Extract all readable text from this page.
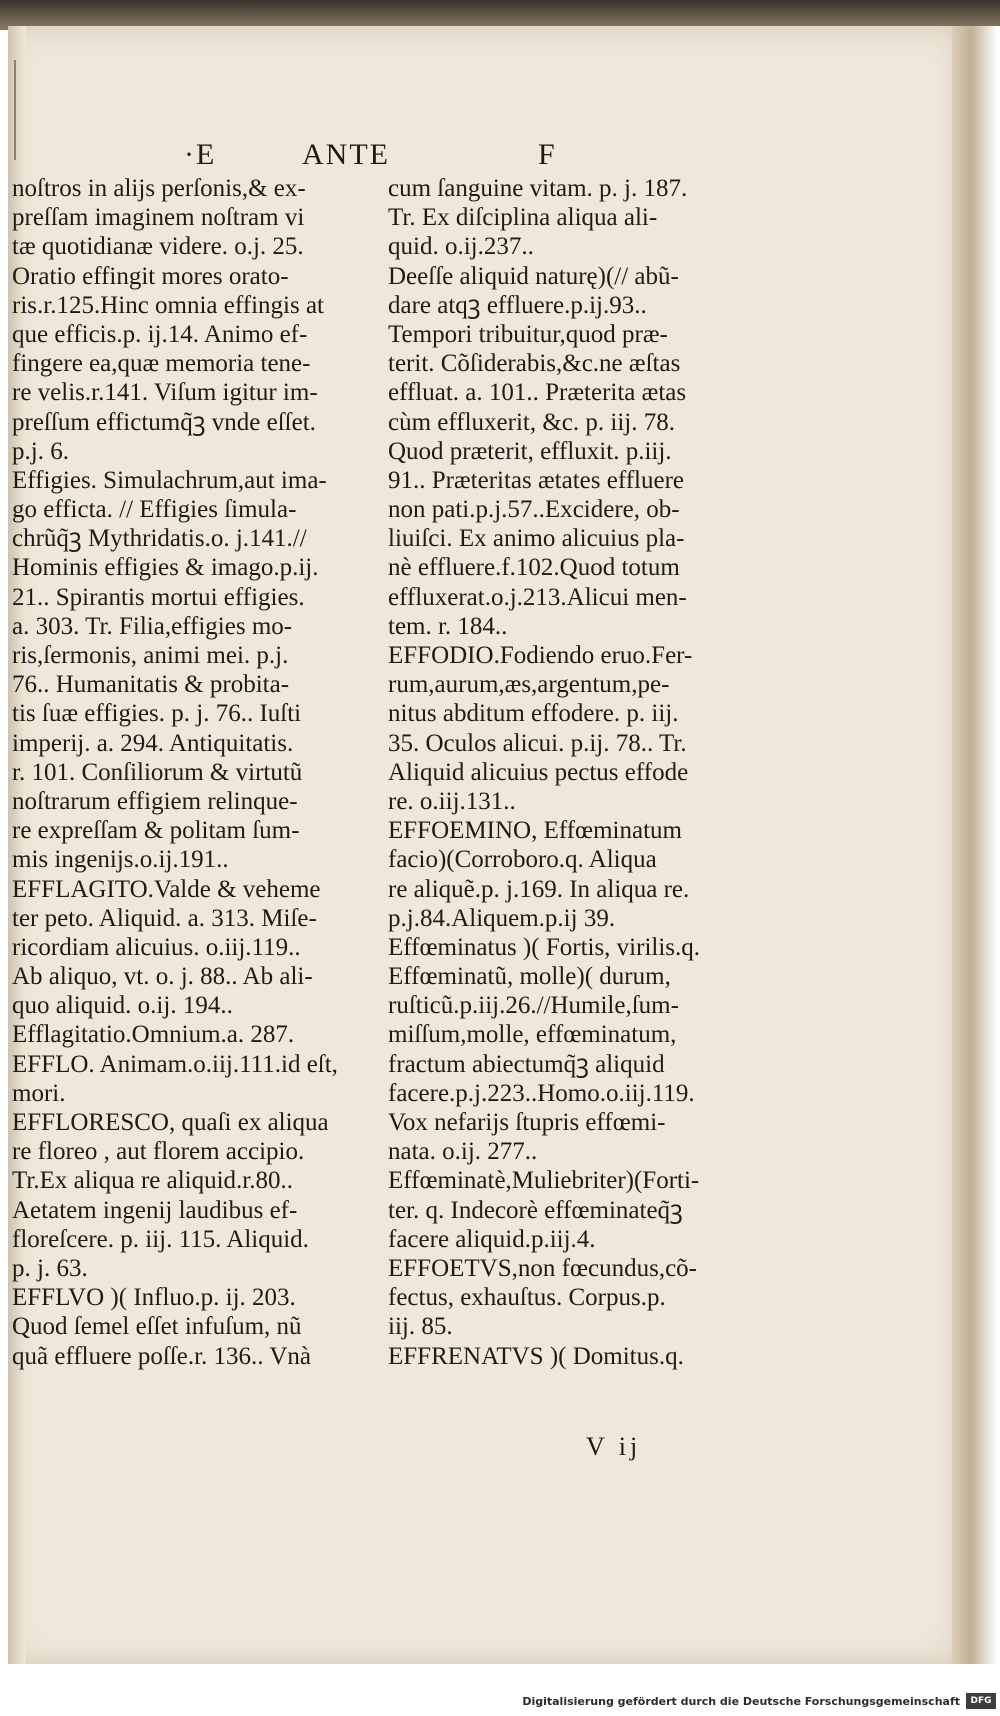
·E	ANTE	F
noſtros in alijs perſonis,& ex-
preſſam imaginem noſtram vi
tæ quotidianæ videre. o.j. 25.
Oratio effingit mores orato-
ris.r.125.Hinc omnia effingis at
que efficis.p. ij.14. Animo ef-
fingere ea,quæ memoria tene-
re velis.r.141. Viſum igitur im-
preſſum effictumq̃ꝫ vnde eſſet.
p.j. 6.
Effigies. Simulachrum,aut ima-
go efficta. // Effigies ſimula-
chrũq̃ꝫ Mythridatis.o. j.141.//
Hominis effigies & imago.p.ij.
21.. Spirantis mortui effigies.
a. 303. Tr. Filia,effigies mo-
ris,ſermonis, animi mei. p.j.
76.. Humanitatis & probita-
tis ſuæ effigies. p. j. 76.. Iuſti
imperij. a. 294. Antiquitatis.
r. 101. Conſiliorum & virtutũ
noſtrarum effigiem relinque-
re expreſſam & politam ſum-
mis ingenijs.o.ij.191..
EFFLAGITO.Valde & veheme
ter peto. Aliquid. a. 313. Miſe-
ricordiam alicuius. o.iij.119..
Ab aliquo, vt. o. j. 88.. Ab ali-
quo aliquid. o.ij. 194..
Efflagitatio.Omnium.a. 287.
EFFLO. Animam.o.iij.111.id eſt,
mori.
EFFLORESCO, quaſi ex aliqua
re floreo , aut florem accipio.
Tr.Ex aliqua re aliquid.r.80..
Aetatem ingenij laudibus ef-
floreſcere. p. iij. 115. Aliquid.
p. j. 63.
EFFLVO )( Influo.p. ij. 203.
Quod ſemel eſſet infuſum, nũ
quã effluere poſſe.r. 136.. Vnà
cum ſanguine vitam. p. j. 187.
Tr. Ex diſciplina aliqua ali-
quid. o.ij.237..
Deeſſe aliquid naturę)(// abũ-
dare atqꝫ effluere.p.ij.93..
Tempori tribuitur,quod præ-
terit. Cõſiderabis,&c.ne æſtas
effluat. a. 101.. Præterita ætas
cùm effluxerit, &c. p. iij. 78.
Quod præterit, effluxit. p.iij.
91.. Præteritas ætates effluere
non pati.p.j.57..Excidere, ob-
liuiſci. Ex animo alicuius pla-
nè effluere.f.102.Quod totum
effluxerat.o.j.213.Alicui men-
tem. r. 184..
EFFODIO.Fodiendo eruo.Fer-
rum,aurum,æs,argentum,pe-
nitus abditum effodere. p. iij.
35. Oculos alicui. p.ij. 78.. Tr.
Aliquid alicuius pectus effode
re. o.iij.131..
EFFOEMINO, Effœminatum
facio)(Corroboro.q. Aliqua
re aliquẽ.p. j.169. In aliqua re.
p.j.84.Aliquem.p.ij 39.
Effœminatus )( Fortis, virilis.q.
Effœminatũ, molle)( durum,
ruſticũ.p.iij.26.//Humile,ſum-
miſſum,molle, effœminatum,
fractum abiectumq̃ꝫ aliquid
facere.p.j.223..Homo.o.iij.119.
Vox nefarijs ſtupris effœmi-
nata. o.ij. 277..
Effœminatè,Muliebriter)(Forti-
ter. q. Indecorè effœminateq̃ꝫ
facere aliquid.p.iij.4.
EFFOETVS,non fœcundus,cõ-
fectus, exhauſtus. Corpus.p.
iij. 85.
EFFRENATVS )( Domitus.q.
V ij
Digitalisierung gefördert durch die Deutsche Forschungsgemeinschaft	DFG
